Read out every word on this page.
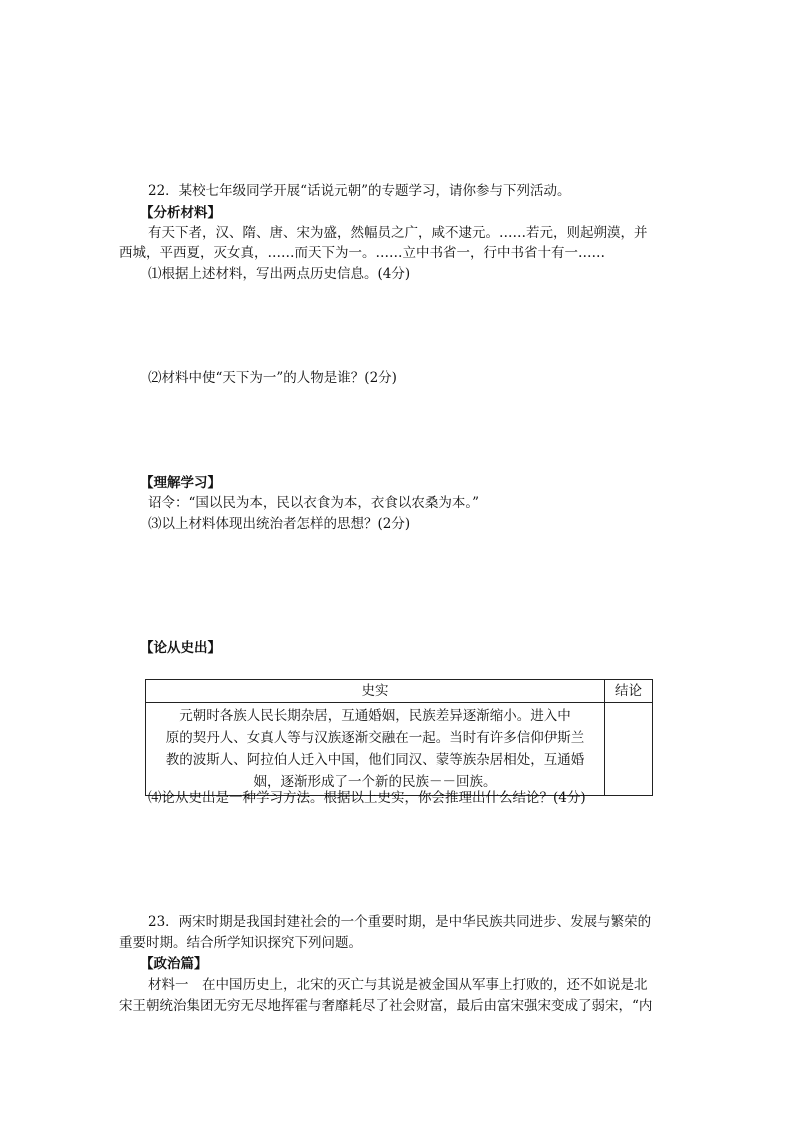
22．某校七年级同学开展“话说元朝”的专题学习，请你参与下列活动。
【分析材料】
有天下者，汉、隋、唐、宋为盛，然幅员之广，咸不逮元。……若元，则起朔漠，并
西城，平西夏，灭女真，……而天下为一。……立中书省一，行中书省十有一……
⑴根据上述材料，写出两点历史信息。(4分)
⑵材料中使“天下为一”的人物是谁？(2分)
【理解学习】
诏令：“国以民为本，民以衣食为本，衣食以农桑为本。”
⑶以上材料体现出统治者怎样的思想？(2分)
【论从史出】
史实	结论

元朝时各族人民长期杂居，互通婚姻，民族差异逐渐缩小。进入中
原的契丹人、女真人等与汉族逐渐交融在一起。当时有许多信仰伊斯兰
教的波斯人、阿拉伯人迁入中国，他们同汉、蒙等族杂居相处，互通婚
姻，逐渐形成了一个新的民族－－回族。	

⑷论从史出是一种学习方法。根据以上史实，你会推理出什么结论？(4分)
23．两宋时期是我国封建社会的一个重要时期，是中华民族共同进步、发展与繁荣的
重要时期。结合所学知识探究下列问题。
【政治篇】
材料一　在中国历史上，北宋的灭亡与其说是被金国从军事上打败的，还不如说是北
宋王朝统治集团无穷无尽地挥霍与奢靡耗尽了社会财富，最后由富宋强宋变成了弱宋，“内
